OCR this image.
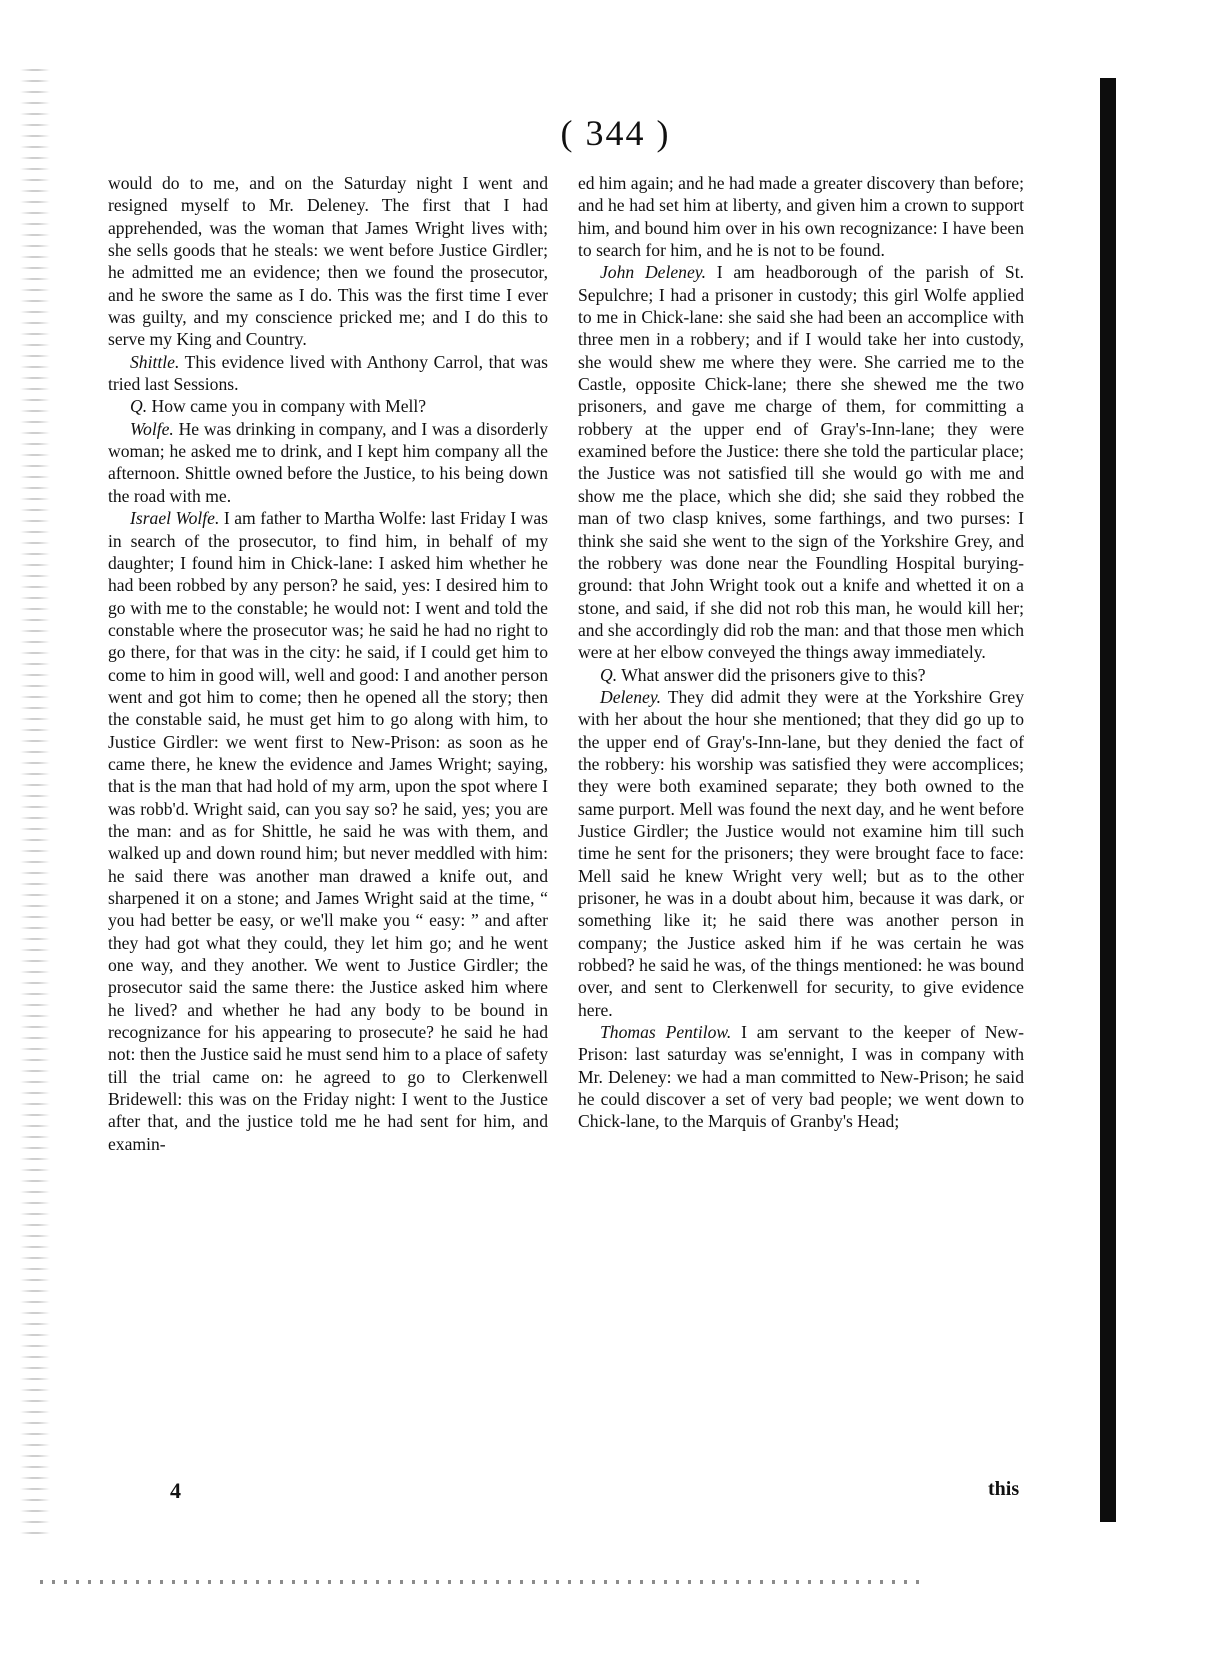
( 344 )

would do to me, and on the Saturday night I went and resigned myself to Mr. Deleney. The first that I had apprehended, was the woman that James Wright lives with; she sells goods that he steals: we went before Justice Girdler; he admitted me an evidence; then we found the prosecutor, and he swore the same as I do. This was the first time I ever was guilty, and my conscience pricked me; and I do this to serve my King and Country.

Shittle. This evidence lived with Anthony Carrol, that was tried last Sessions.

Q. How came you in company with Mell?

Wolfe. He was drinking in company, and I was a disorderly woman; he asked me to drink, and I kept him company all the afternoon. Shittle owned before the Justice, to his being down the road with me.

Israel Wolfe. I am father to Martha Wolfe: last Friday I was in search of the prosecutor, to find him, in behalf of my daughter; I found him in Chick-lane: I asked him whether he had been robbed by any person? he said, yes: I desired him to go with me to the constable; he would not: I went and told the constable where the prosecutor was; he said he had no right to go there, for that was in the city: he said, if I could get him to come to him in good will, well and good: I and another person went and got him to come; then he opened all the story; then the constable said, he must get him to go along with him, to Justice Girdler: we went first to New-Prison: as soon as he came there, he knew the evidence and James Wright; saying, that is the man that had hold of my arm, upon the spot where I was robb'd. Wright said, can you say so? he said, yes; you are the man: and as for Shittle, he said he was with them, and walked up and down round him; but never meddled with him: he said there was another man drawed a knife out, and sharpened it on a stone; and James Wright said at the time, “ you had better be easy, or we'll make you “ easy: ” and after they had got what they could, they let him go; and he went one way, and they another. We went to Justice Girdler; the prosecutor said the same there: the Justice asked him where he lived? and whether he had any body to be bound in recognizance for his appearing to prosecute? he said he had not: then the Justice said he must send him to a place of safety till the trial came on: he agreed to go to Clerkenwell Bridewell: this was on the Friday night: I went to the Justice after that, and the justice told me he had sent for him, and examin-

ed him again; and he had made a greater discovery than before; and he had set him at liberty, and given him a crown to support him, and bound him over in his own recognizance: I have been to search for him, and he is not to be found.

John Deleney. I am headborough of the parish of St. Sepulchre; I had a prisoner in custody; this girl Wolfe applied to me in Chick-lane: she said she had been an accomplice with three men in a robbery; and if I would take her into custody, she would shew me where they were. She carried me to the Castle, opposite Chick-lane; there she shewed me the two prisoners, and gave me charge of them, for committing a robbery at the upper end of Gray's-Inn-lane; they were examined before the Justice: there she told the particular place; the Justice was not satisfied till she would go with me and show me the place, which she did; she said they robbed the man of two clasp knives, some farthings, and two purses: I think she said she went to the sign of the Yorkshire Grey, and the robbery was done near the Foundling Hospital burying-ground: that John Wright took out a knife and whetted it on a stone, and said, if she did not rob this man, he would kill her; and she accordingly did rob the man: and that those men which were at her elbow conveyed the things away immediately.

Q. What answer did the prisoners give to this?

Deleney. They did admit they were at the Yorkshire Grey with her about the hour she mentioned; that they did go up to the upper end of Gray's-Inn-lane, but they denied the fact of the robbery: his worship was satisfied they were accomplices; they were both examined separate; they both owned to the same purport. Mell was found the next day, and he went before Justice Girdler; the Justice would not examine him till such time he sent for the prisoners; they were brought face to face: Mell said he knew Wright very well; but as to the other prisoner, he was in a doubt about him, because it was dark, or something like it; he said there was another person in company; the Justice asked him if he was certain he was robbed? he said he was, of the things mentioned: he was bound over, and sent to Clerkenwell for security, to give evidence here.

Thomas Pentilow. I am servant to the keeper of New-Prison: last saturday was se'ennight, I was in company with Mr. Deleney: we had a man committed to New-Prison; he said he could discover a set of very bad people; we went down to Chick-lane, to the Marquis of Granby's Head;

4	this
